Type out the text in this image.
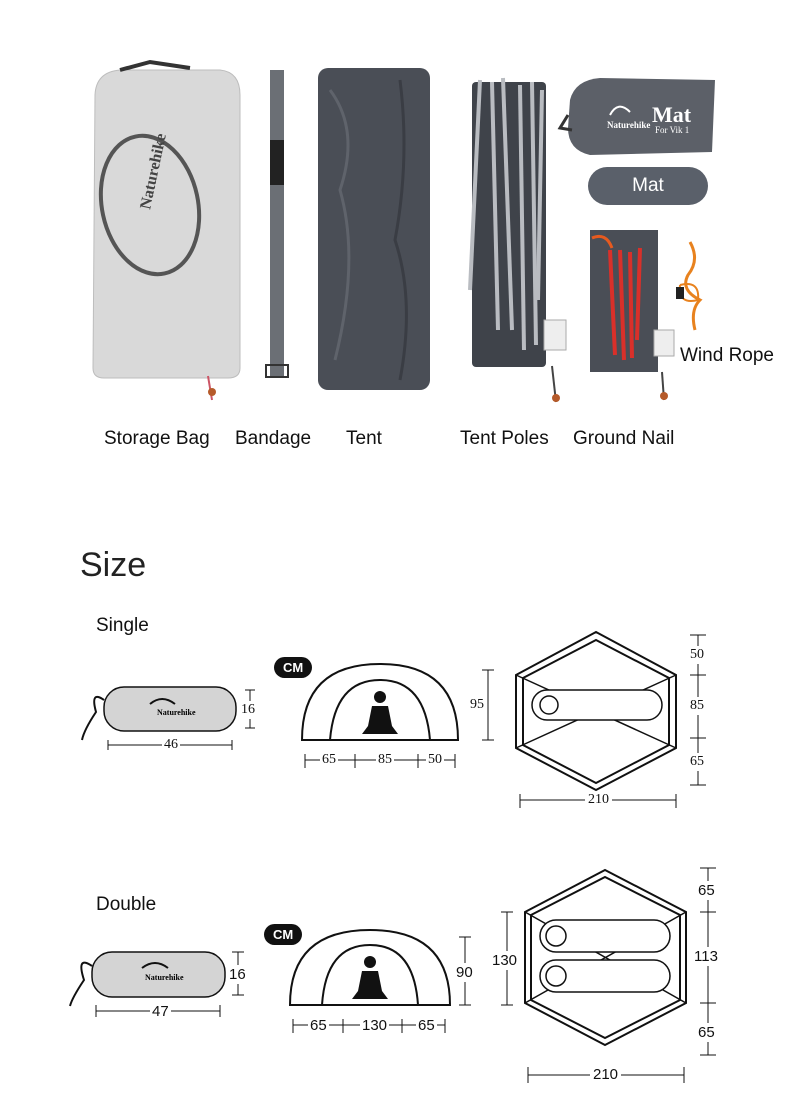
Naturehike
Naturehike Mat
For Vik 1
Storage Bag Bandage Tent	Tent Poles Ground Nail
Wind Rope
Mat
Size
Single
CM
Naturehike
46
16
65	85	50
95
50
85
65
210
Double
CM
Naturehike
47
16
65 130 65
90
130
65
113
65
210
